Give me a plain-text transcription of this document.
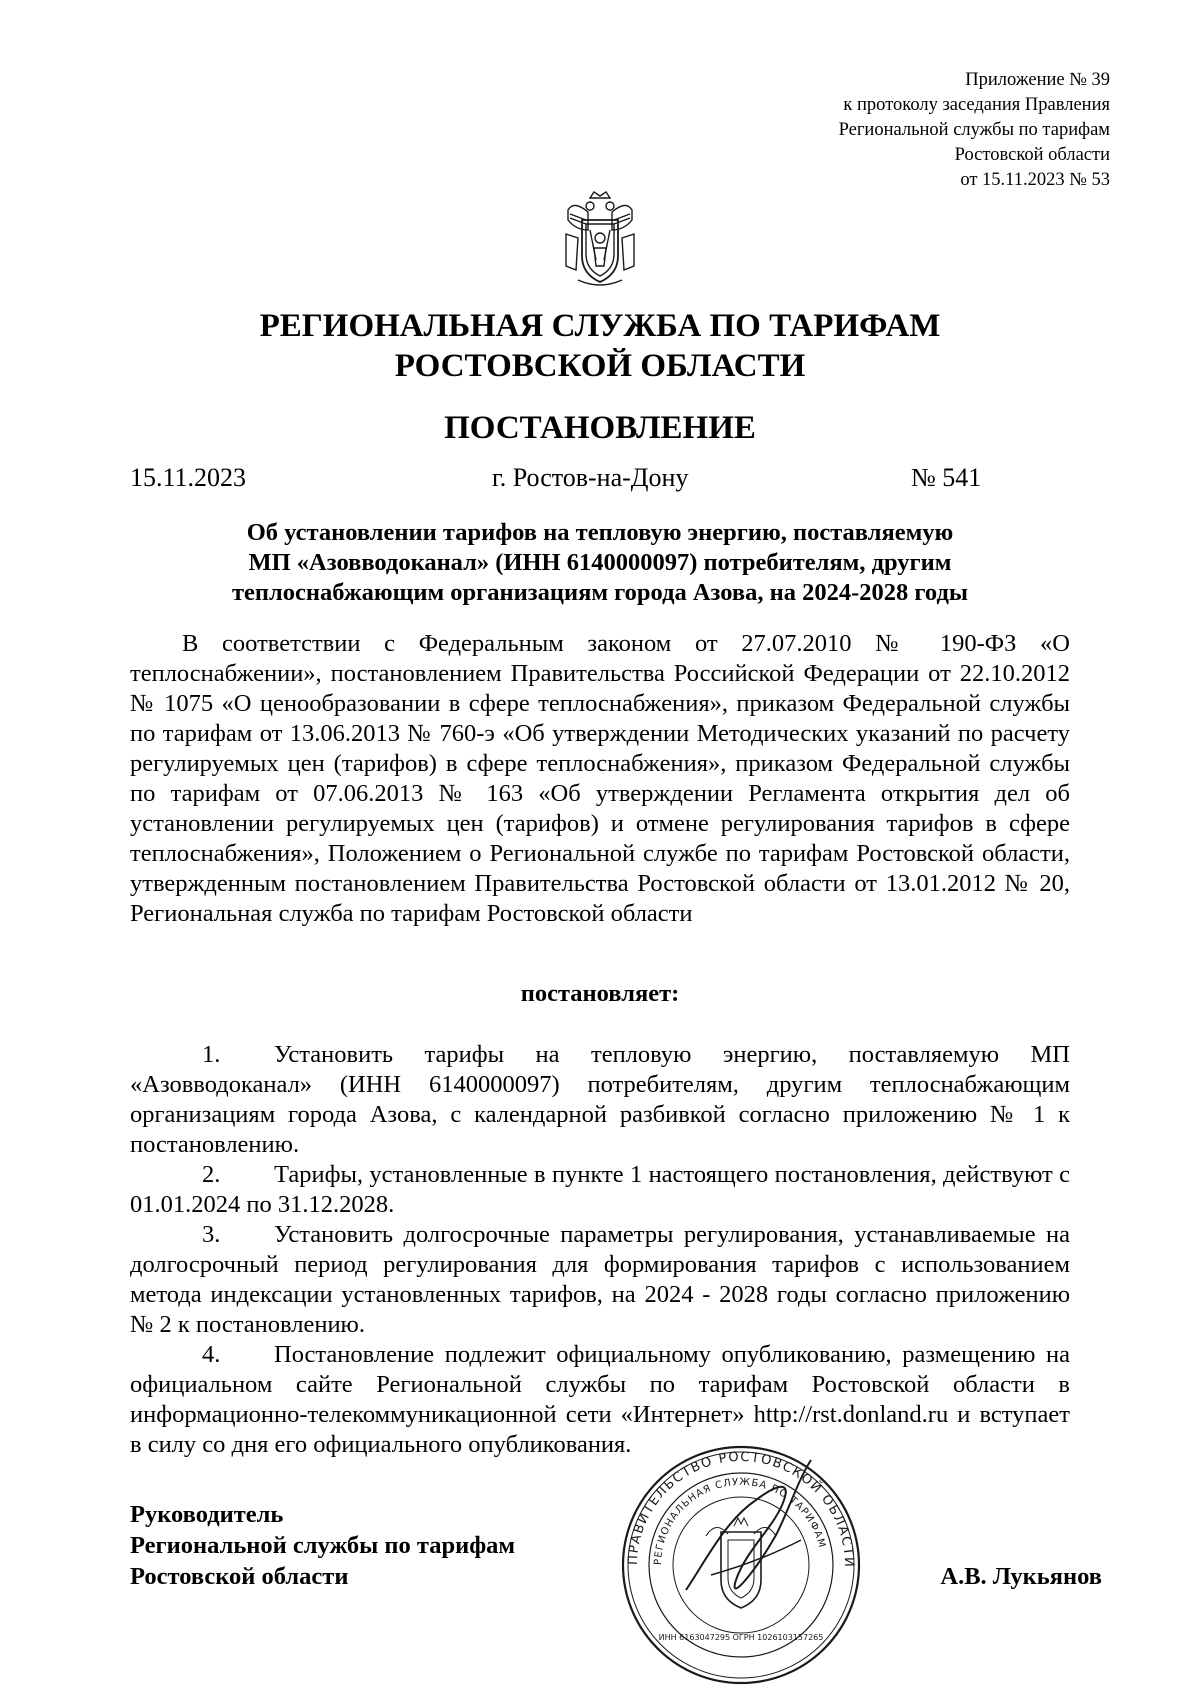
Приложение № 39
к протоколу заседания Правления
Региональной службы по тарифам
Ростовской области
от 15.11.2023 № 53
РЕГИОНАЛЬНАЯ СЛУЖБА ПО ТАРИФАМ
РОСТОВСКОЙ ОБЛАСТИ
ПОСТАНОВЛЕНИЕ
15.11.2023	г. Ростов-на-Дону	№ 541
Об установлении тарифов на тепловую энергию, поставляемую
МП «Азовводоканал» (ИНН 6140000097) потребителям, другим
теплоснабжающим организациям города Азова, на 2024-2028 годы

В соответствии с Федеральным законом от 27.07.2010 № 190-ФЗ «О теплоснабжении», постановлением Правительства Российской Федерации от 22.10.2012 № 1075 «О ценообразовании в сфере теплоснабжения», приказом Федеральной службы по тарифам от 13.06.2013 № 760-э «Об утверждении Методических указаний по расчету регулируемых цен (тарифов) в сфере теплоснабжения», приказом Федеральной службы по тарифам от 07.06.2013 № 163 «Об утверждении Регламента открытия дел об установлении регулируемых цен (тарифов) и отмене регулирования тарифов в сфере теплоснабжения», Положением о Региональной службе по тарифам Ростовской области, утвержденным постановлением Правительства Ростовской области от 13.01.2012 № 20, Региональная служба по тарифам Ростовской области

постановляет:

1. Установить тарифы на тепловую энергию, поставляемую МП «Азовводоканал» (ИНН 6140000097) потребителям, другим теплоснабжающим организациям города Азова, с календарной разбивкой согласно приложению № 1 к постановлению.

2. Тарифы, установленные в пункте 1 настоящего постановления, действуют с 01.01.2024 по 31.12.2028.

3. Установить долгосрочные параметры регулирования, устанавливаемые на долгосрочный период регулирования для формирования тарифов с использованием метода индексации установленных тарифов, на 2024 - 2028 годы согласно приложению № 2 к постановлению.

4. Постановление подлежит официальному опубликованию, размещению на официальном сайте Региональной службы по тарифам Ростовской области в информационно-телекоммуникационной сети «Интернет» http://rst.donland.ru и вступает в силу со дня его официального опубликования.

Руководитель
Региональной службы по тарифам
Ростовской области
ПРАВИТЕЛЬСТВО РОСТОВСКОЙ ОБЛАСТИ
РЕГИОНАЛЬНАЯ СЛУЖБА ПО ТАРИФАМ
ИНН 6163047295 ОГРН 1026103157265
А.В. Лукьянов
